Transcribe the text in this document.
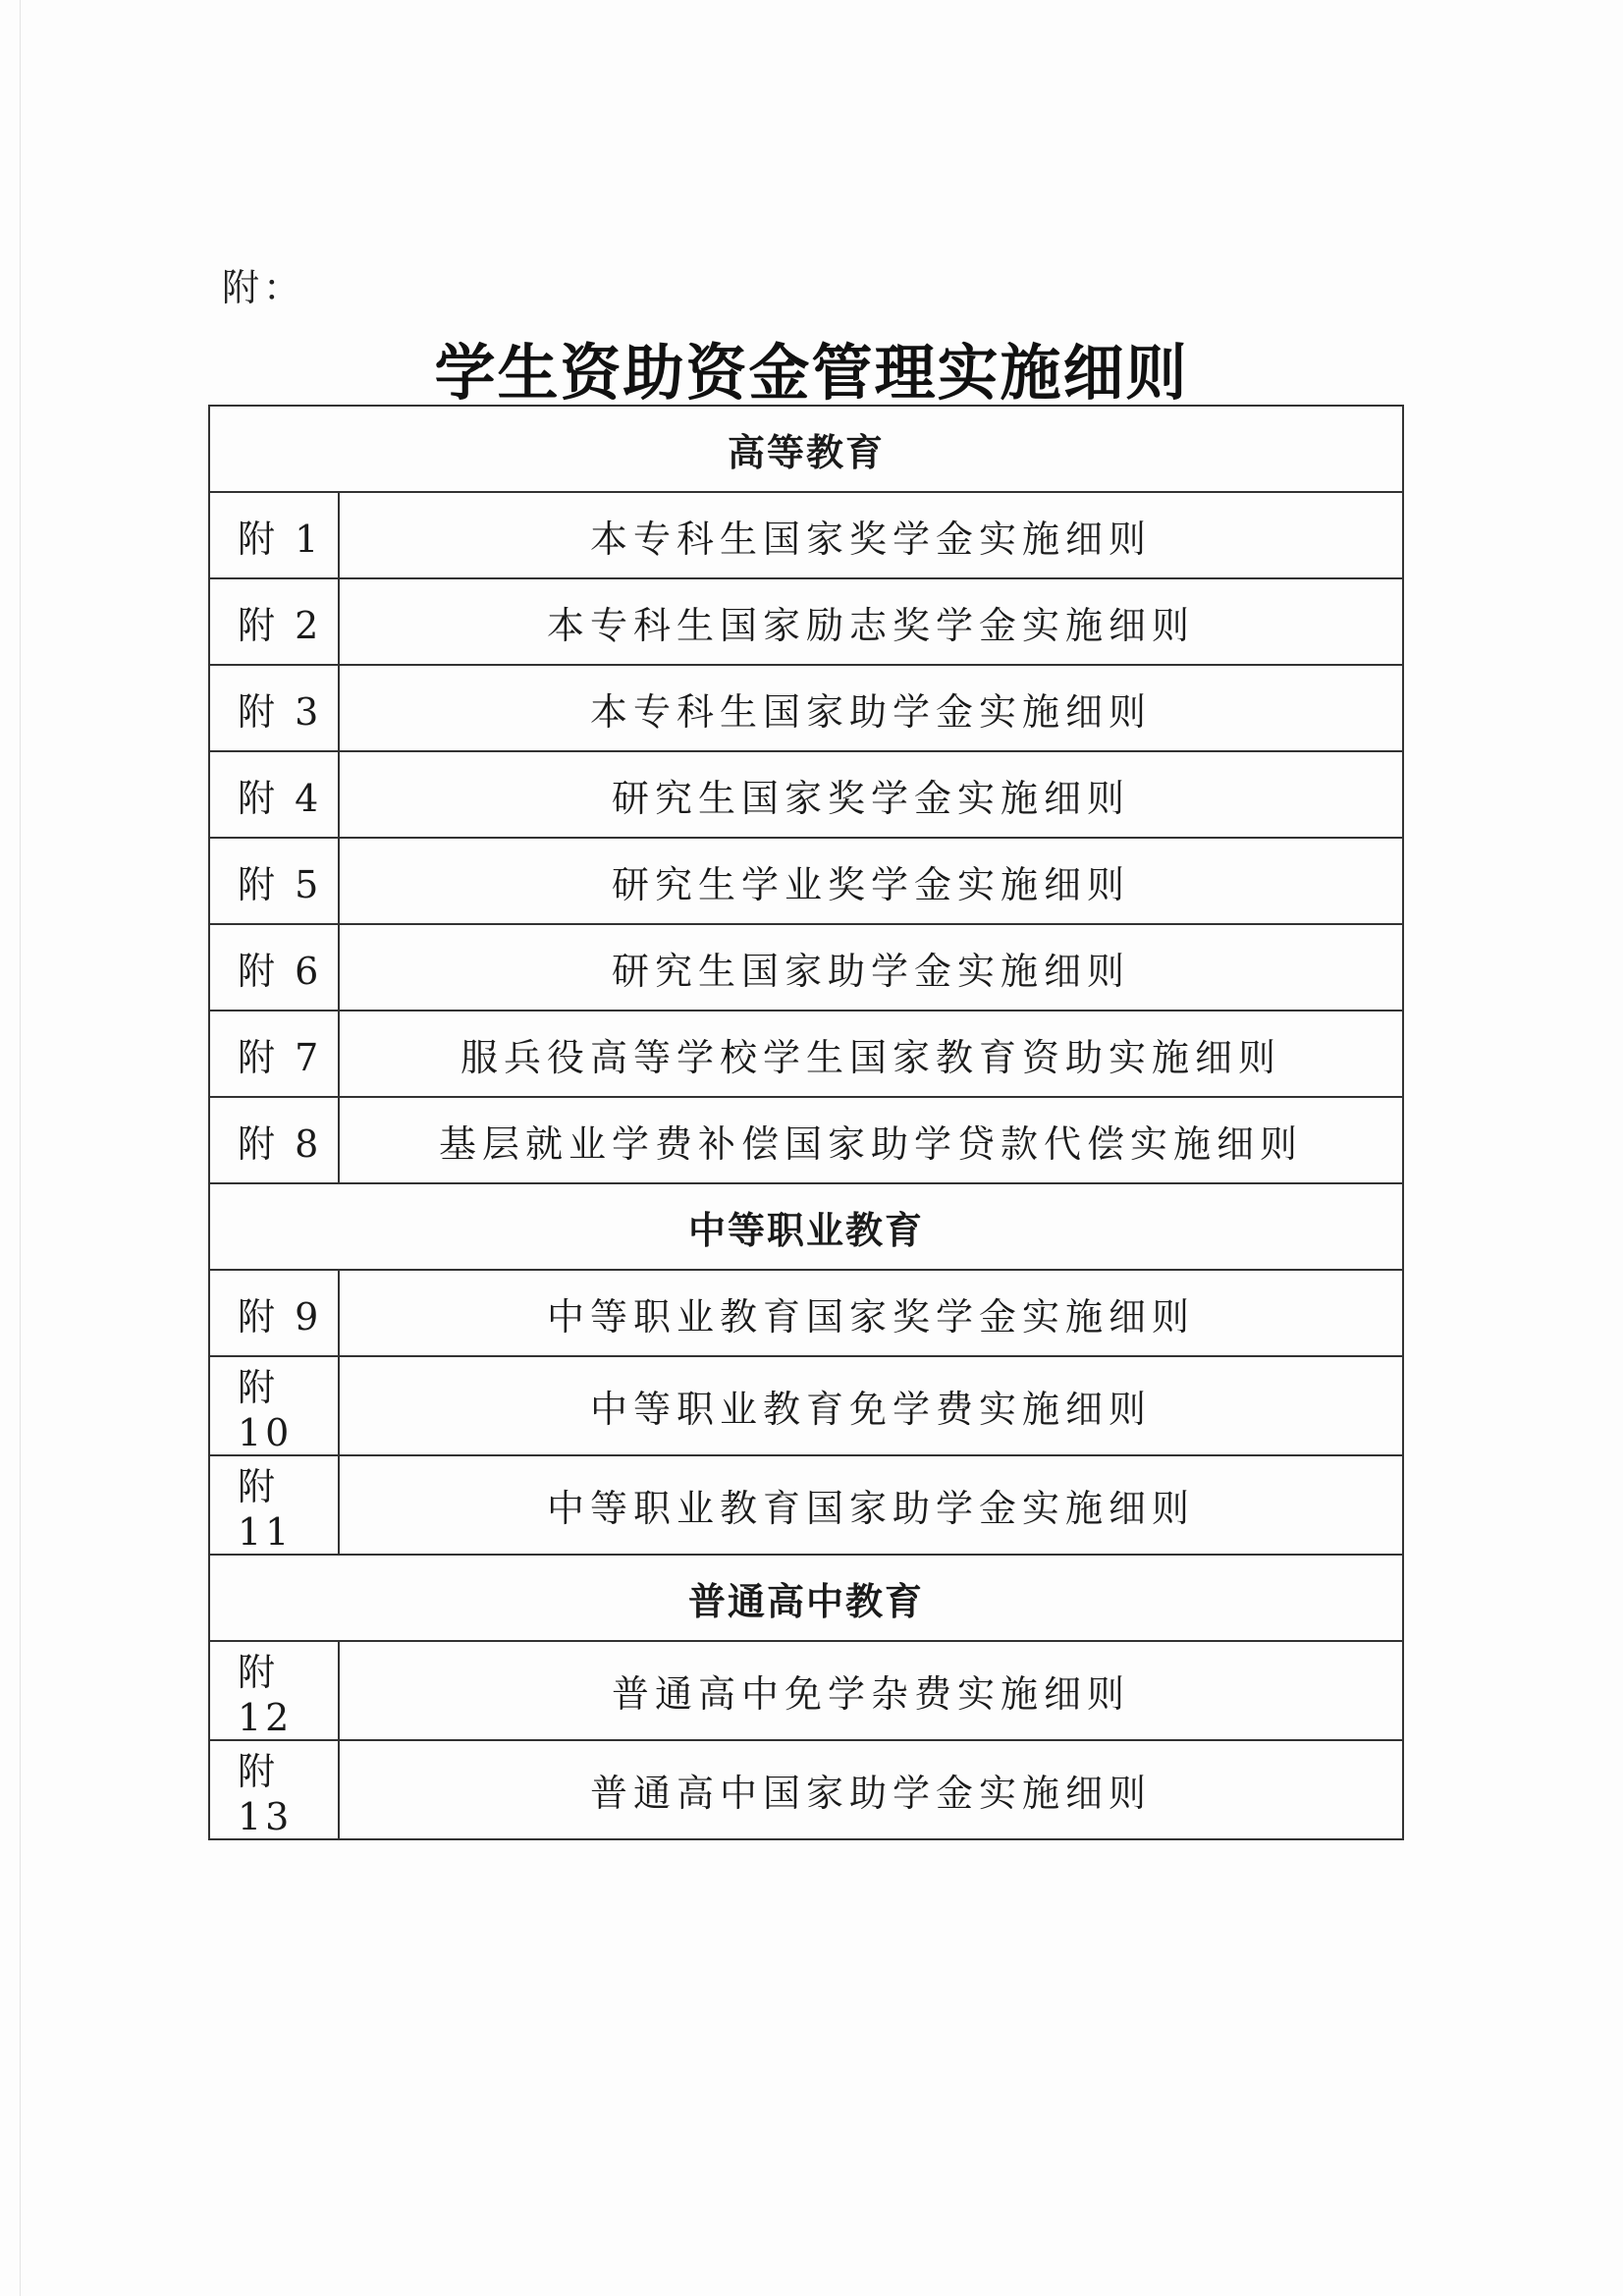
附：
学生资助资金管理实施细则
高等教育	
附 1	本专科生国家奖学金实施细则
附 2	本专科生国家励志奖学金实施细则
附 3	本专科生国家助学金实施细则
附 4	研究生国家奖学金实施细则
附 5	研究生学业奖学金实施细则
附 6	研究生国家助学金实施细则
附 7	服兵役高等学校学生国家教育资助实施细则
附 8	基层就业学费补偿国家助学贷款代偿实施细则
中等职业教育	
附 9	中等职业教育国家奖学金实施细则
附 10	中等职业教育免学费实施细则
附 11	中等职业教育国家助学金实施细则
普通高中教育	
附 12	普通高中免学杂费实施细则
附 13	普通高中国家助学金实施细则
